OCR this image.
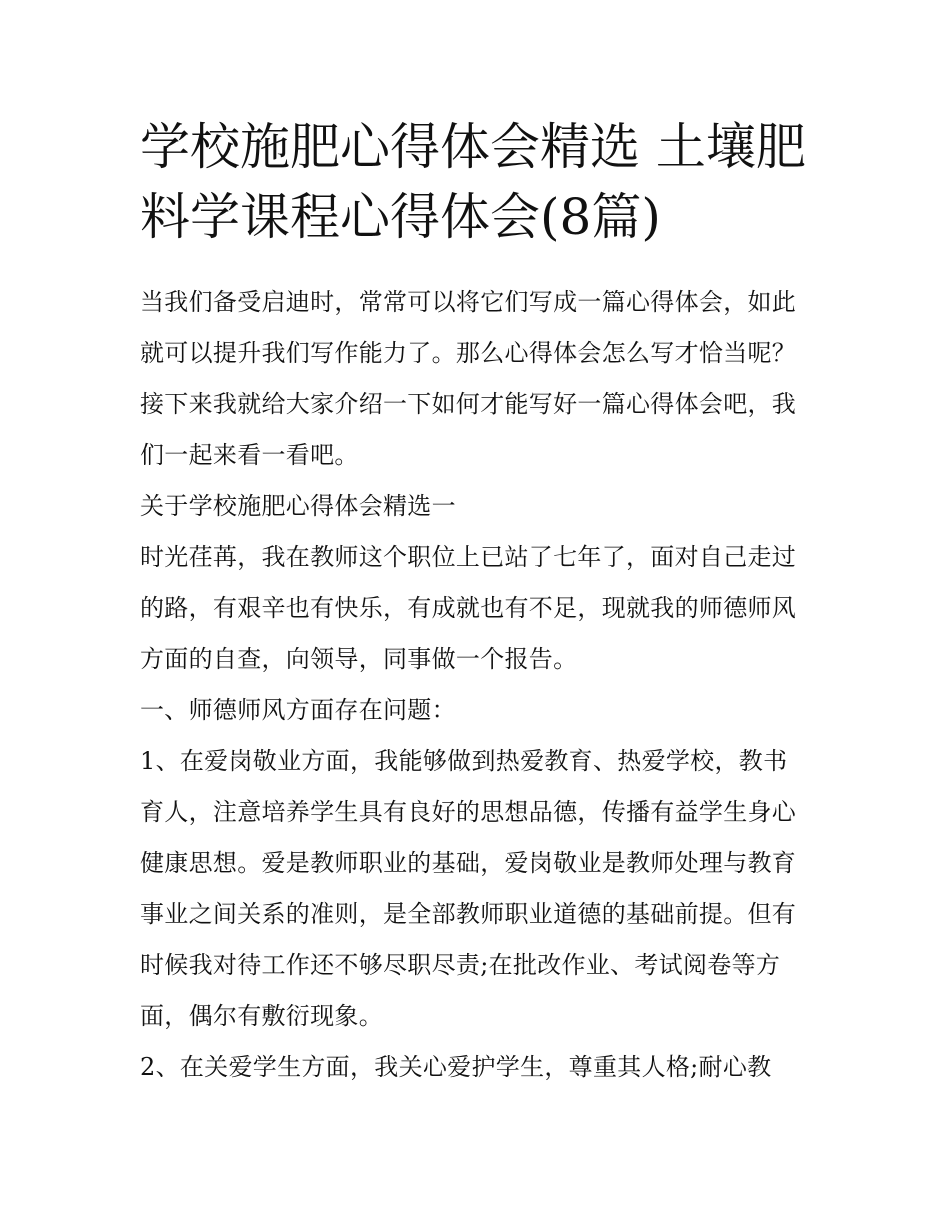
学校施肥心得体会精选 土壤肥
料学课程心得体会(8篇)
当我们备受启迪时，常常可以将它们写成一篇心得体会，如此
就可以提升我们写作能力了。那么心得体会怎么写才恰当呢？
接下来我就给大家介绍一下如何才能写好一篇心得体会吧，我
们一起来看一看吧。
关于学校施肥心得体会精选一
时光荏苒，我在教师这个职位上已站了七年了，面对自己走过
的路，有艰辛也有快乐，有成就也有不足，现就我的师德师风
方面的自查，向领导，同事做一个报告。
一、师德师风方面存在问题：
1、在爱岗敬业方面，我能够做到热爱教育、热爱学校，教书
育人，注意培养学生具有良好的思想品德，传播有益学生身心
健康思想。爱是教师职业的基础，爱岗敬业是教师处理与教育
事业之间关系的准则，是全部教师职业道德的基础前提。但有
时候我对待工作还不够尽职尽责;在批改作业、考试阅卷等方
面，偶尔有敷衍现象。
2、在关爱学生方面，我关心爱护学生，尊重其人格;耐心教
